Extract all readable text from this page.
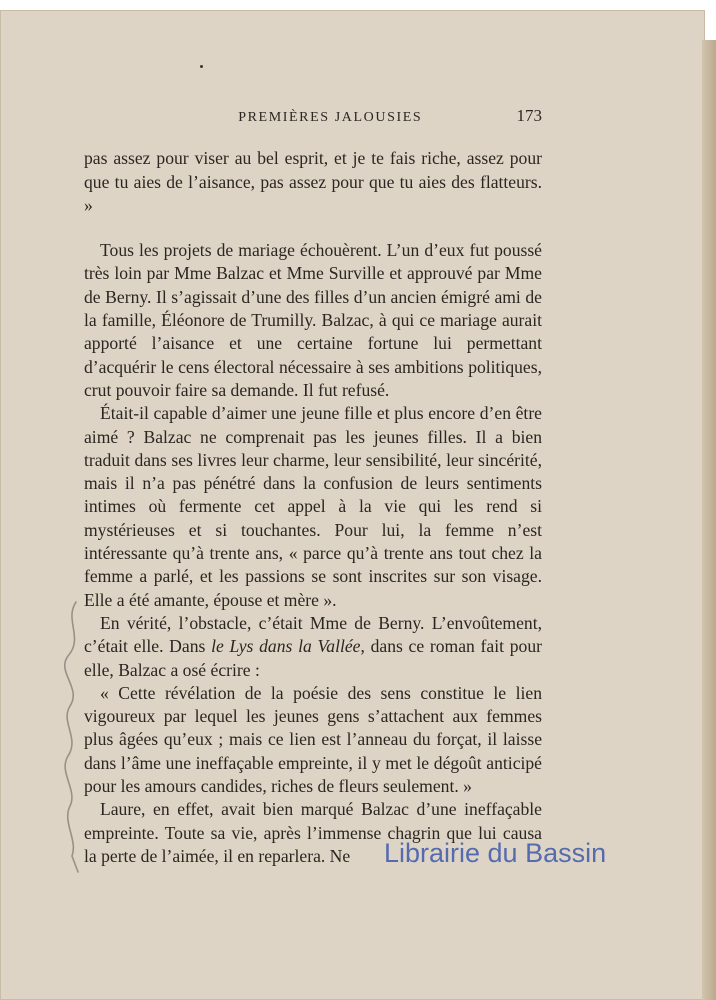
PREMIÈRES JALOUSIES	173

pas assez pour viser au bel esprit, et je te fais riche, assez pour que tu aies de l’aisance, pas assez pour que tu aies des flatteurs. »

Tous les projets de mariage échouèrent. L’un d’eux fut poussé très loin par Mme Balzac et Mme Surville et approuvé par Mme de Berny. Il s’agissait d’une des filles d’un ancien émigré ami de la famille, Éléonore de Trumilly. Balzac, à qui ce mariage aurait apporté l’aisance et une certaine fortune lui permettant d’acquérir le cens électoral nécessaire à ses ambitions politiques, crut pouvoir faire sa demande. Il fut refusé.

Était-il capable d’aimer une jeune fille et plus encore d’en être aimé ? Balzac ne comprenait pas les jeunes filles. Il a bien traduit dans ses livres leur charme, leur sensibilité, leur sincérité, mais il n’a pas pénétré dans la confusion de leurs sentiments intimes où fermente cet appel à la vie qui les rend si mystérieuses et si touchantes. Pour lui, la femme n’est intéressante qu’à trente ans, « parce qu’à trente ans tout chez la femme a parlé, et les passions se sont inscrites sur son visage. Elle a été amante, épouse et mère ».

En vérité, l’obstacle, c’était Mme de Berny. L’envoûtement, c’était elle. Dans le Lys dans la Vallée, dans ce roman fait pour elle, Balzac a osé écrire :

« Cette révélation de la poésie des sens constitue le lien vigoureux par lequel les jeunes gens s’attachent aux femmes plus âgées qu’eux ; mais ce lien est l’anneau du forçat, il laisse dans l’âme une ineffaçable empreinte, il y met le dégoût anticipé pour les amours candides, riches de fleurs seulement. »

Laure, en effet, avait bien marqué Balzac d’une ineffaçable empreinte. Toute sa vie, après l’immense chagrin que lui causa la perte de l’aimée, il en reparlera. Ne	Librairie du Bassin
